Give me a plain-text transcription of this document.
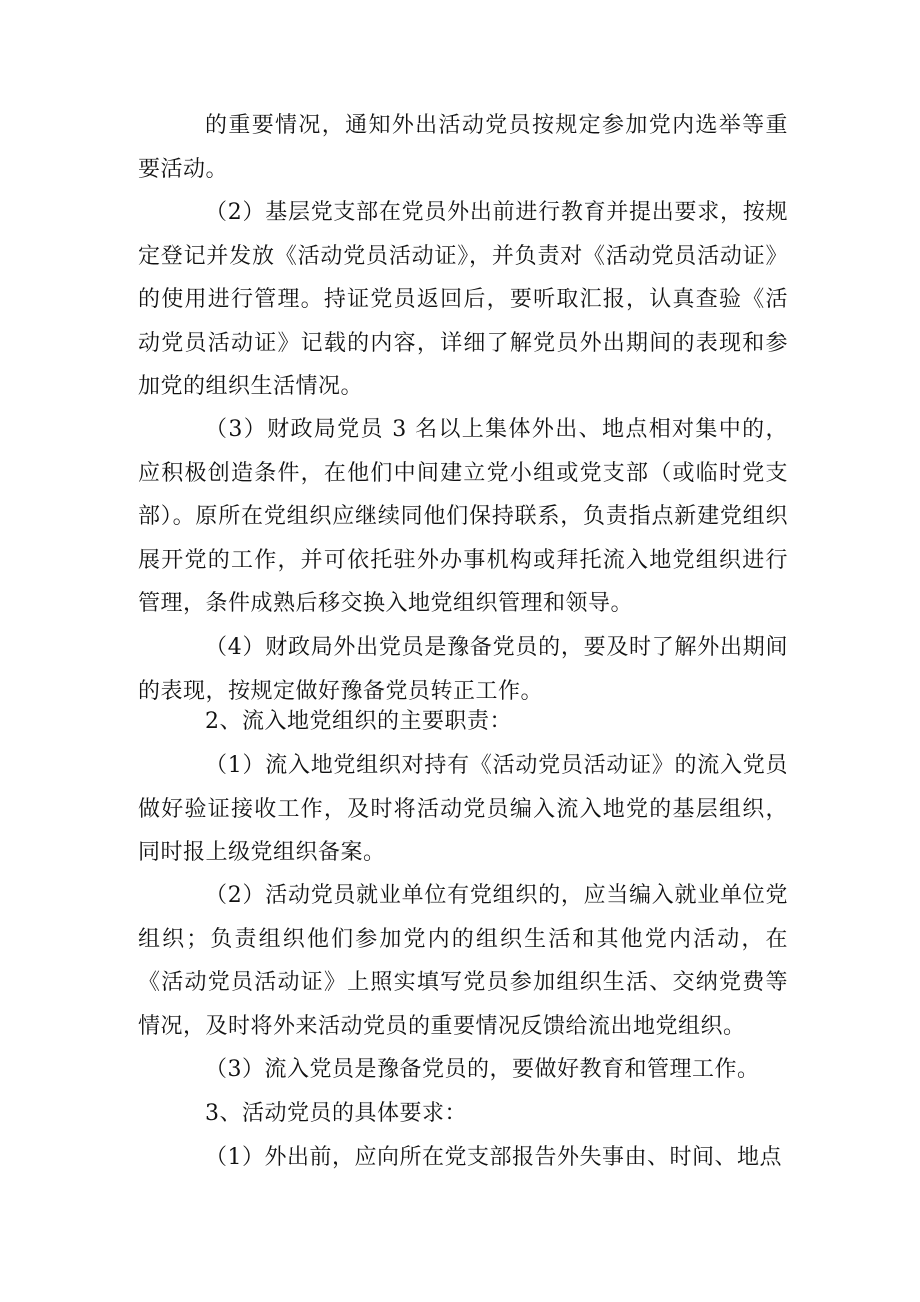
的重要情况，通知外出活动党员按规定参加党内选举等重要活动。

（2）基层党支部在党员外出前进行教育并提出要求，按规定登记并发放《活动党员活动证》，并负责对《活动党员活动证》的使用进行管理。持证党员返回后，要听取汇报，认真查验《活动党员活动证》记载的内容，详细了解党员外出期间的表现和参加党的组织生活情况。

（3）财政局党员 3 名以上集体外出、地点相对集中的，应积极创造条件，在他们中间建立党小组或党支部（或临时党支部）。原所在党组织应继续同他们保持联系，负责指点新建党组织展开党的工作，并可依托驻外办事机构或拜托流入地党组织进行管理，条件成熟后移交换入地党组织管理和领导。

（4）财政局外出党员是豫备党员的，要及时了解外出期间的表现，按规定做好豫备党员转正工作。

2、流入地党组织的主要职责：

（1）流入地党组织对持有《活动党员活动证》的流入党员做好验证接收工作，及时将活动党员编入流入地党的基层组织，同时报上级党组织备案。

（2）活动党员就业单位有党组织的，应当编入就业单位党组织；负责组织他们参加党内的组织生活和其他党内活动，在《活动党员活动证》上照实填写党员参加组织生活、交纳党费等情况，及时将外来活动党员的重要情况反馈给流出地党组织。

（3）流入党员是豫备党员的，要做好教育和管理工作。

3、活动党员的具体要求：

（1）外出前，应向所在党支部报告外失事由、时间、地点
